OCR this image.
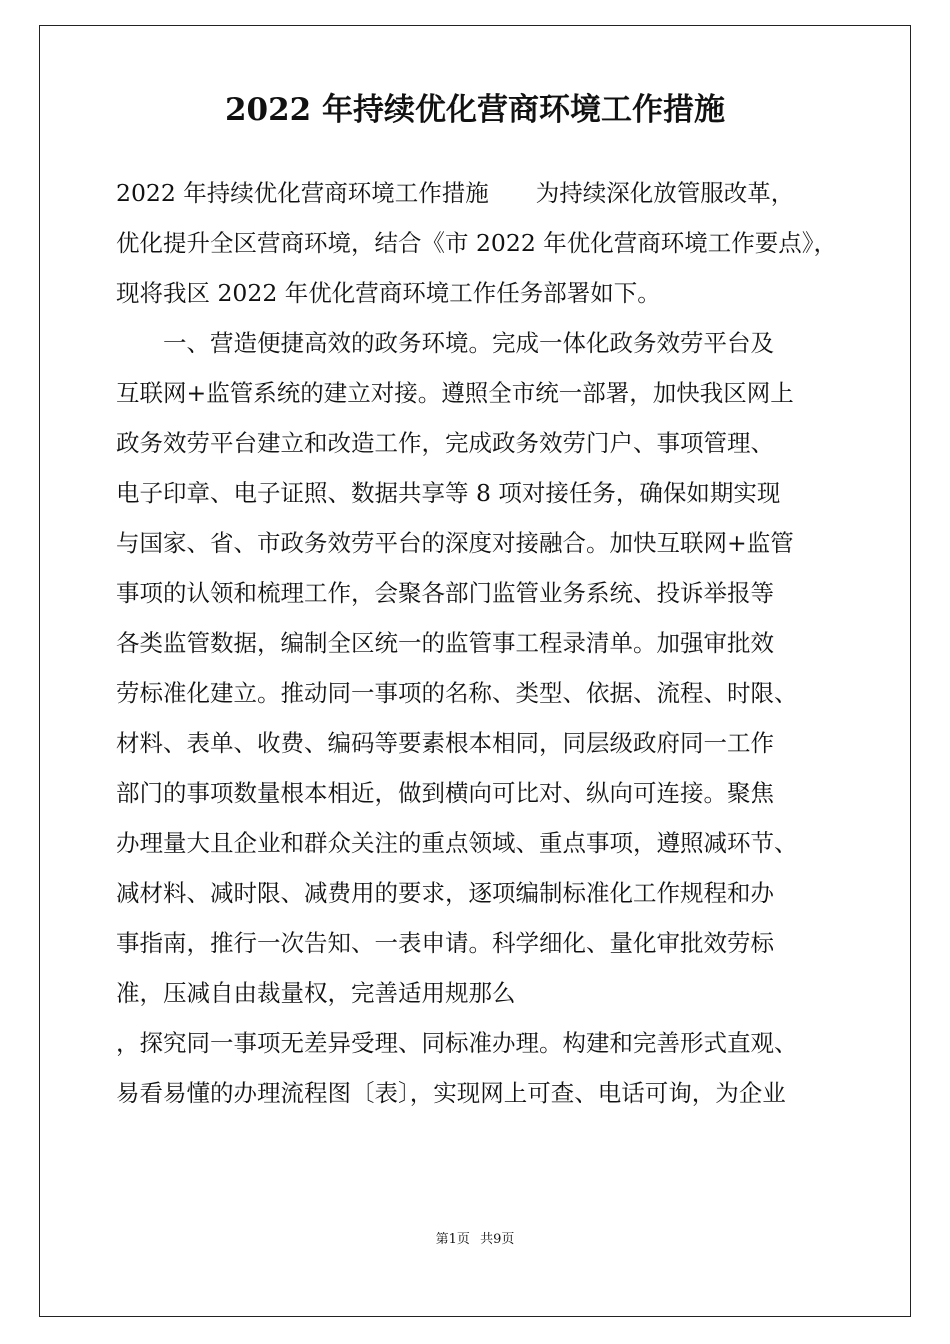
2022 年持续优化营商环境工作措施
2022 年持续优化营商环境工作措施　　为持续深化放管服改革，
优化提升全区营商环境，结合《市 2022 年优化营商环境工作要点》，
现将我区 2022 年优化营商环境工作任务部署如下。
　　一、营造便捷高效的政务环境。完成一体化政务效劳平台及
互联网+监管系统的建立对接。遵照全市统一部署，加快我区网上
政务效劳平台建立和改造工作，完成政务效劳门户、事项管理、
电子印章、电子证照、数据共享等 8 项对接任务，确保如期实现
与国家、省、市政务效劳平台的深度对接融合。加快互联网+监管
事项的认领和梳理工作，会聚各部门监管业务系统、投诉举报等
各类监管数据，编制全区统一的监管事工程录清单。加强审批效
劳标准化建立。推动同一事项的名称、类型、依据、流程、时限、
材料、表单、收费、编码等要素根本相同，同层级政府同一工作
部门的事项数量根本相近，做到横向可比对、纵向可连接。聚焦
办理量大且企业和群众关注的重点领域、重点事项，遵照减环节、
减材料、减时限、减费用的要求，逐项编制标准化工作规程和办
事指南，推行一次告知、一表申请。科学细化、量化审批效劳标
准，压减自由裁量权，完善适用规那么
，探究同一事项无差异受理、同标准办理。构建和完善形式直观、
易看易懂的办理流程图〔表〕，实现网上可查、电话可询，为企业
第1页 共9页
